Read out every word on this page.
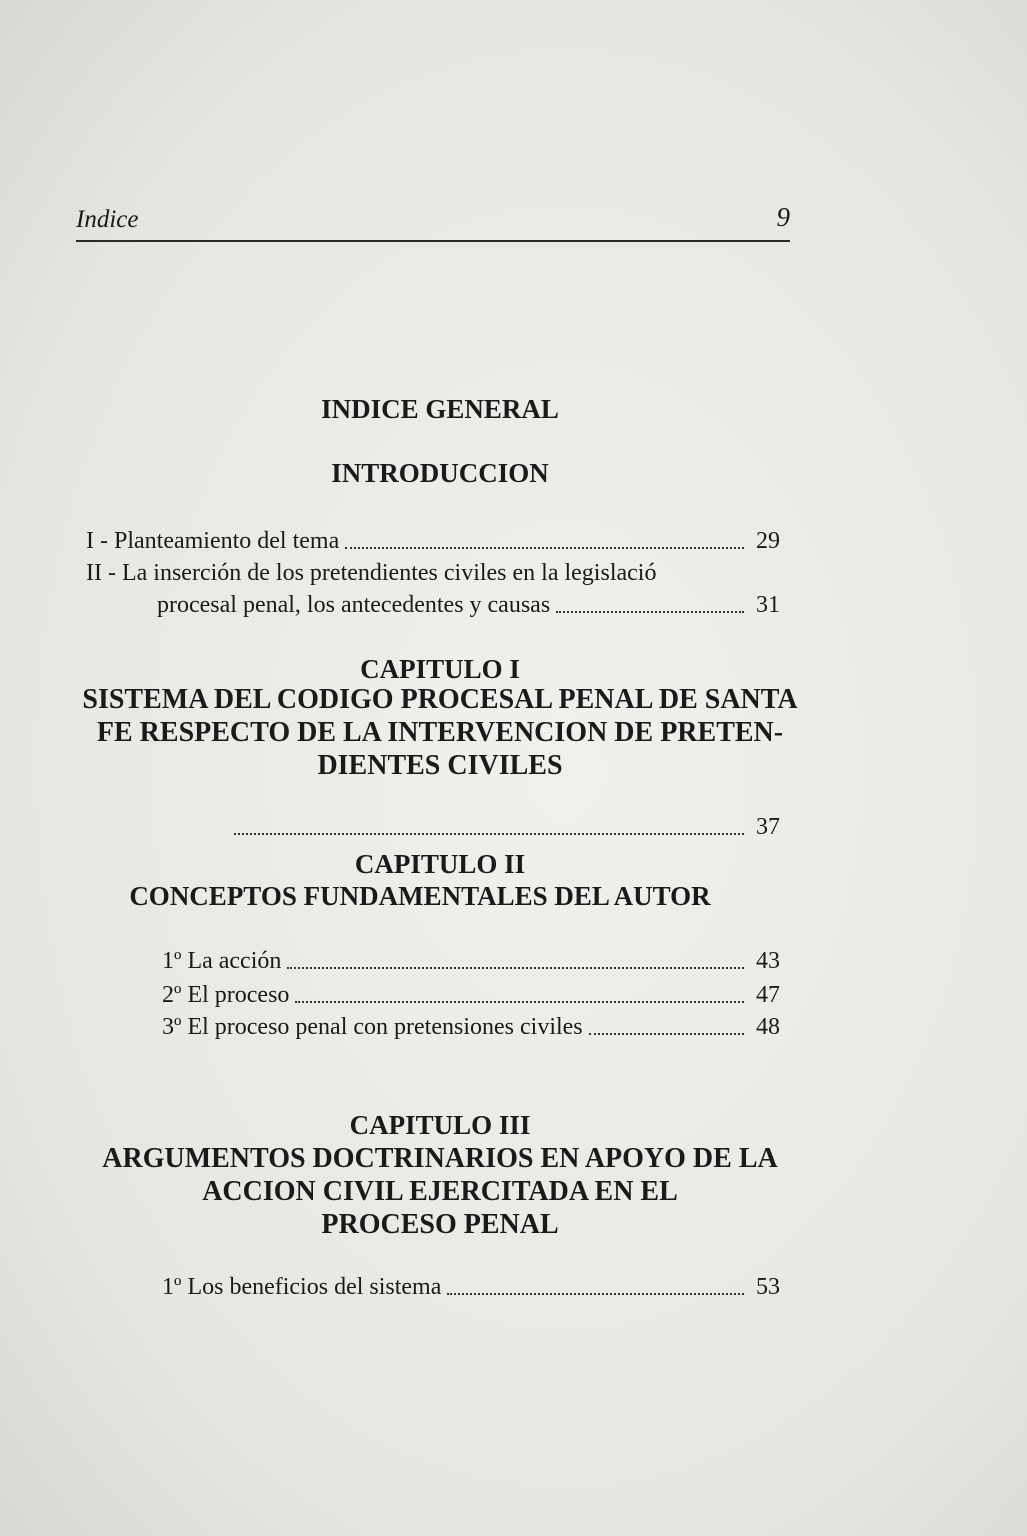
Indice	9
INDICE GENERAL
INTRODUCCION
I - Planteamiento del tema	29
II - La inserción de los pretendientes civiles en la legislació
procesal penal, los antecedentes y causas	31
CAPITULO I
SISTEMA DEL CODIGO PROCESAL PENAL DE SANTA
FE RESPECTO DE LA INTERVENCION DE PRETEN-
DIENTES CIVILES
37
CAPITULO II
CONCEPTOS FUNDAMENTALES DEL AUTOR
1º La acción	43
2º El proceso	47
3º El proceso penal con pretensiones civiles	48
CAPITULO III
ARGUMENTOS DOCTRINARIOS EN APOYO DE LA
ACCION CIVIL EJERCITADA EN EL
PROCESO PENAL
1º Los beneficios del sistema	53
